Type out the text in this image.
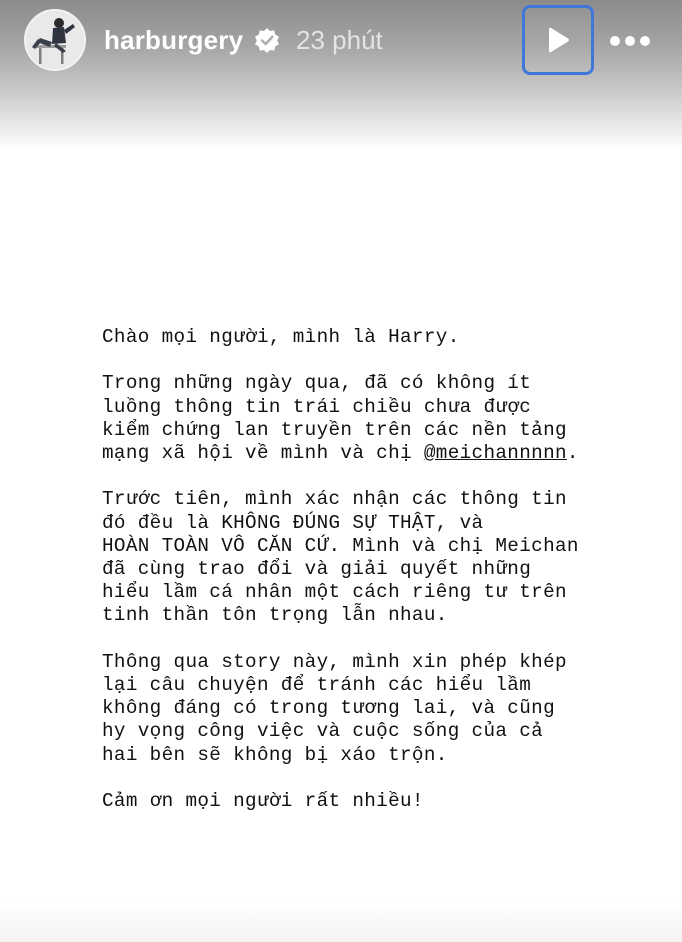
harburgery 23 phút

Chào mọi người, mình là Harry.

Trong những ngày qua, đã có không ít
luồng thông tin trái chiều chưa được
kiểm chứng lan truyền trên các nền tảng
mạng xã hội về mình và chị @meichannnnn.

Trước tiên, mình xác nhận các thông tin
đó đều là KHÔNG ĐÚNG SỰ THẬT, và
HOÀN TOÀN VÔ CĂN CỨ. Mình và chị Meichan
đã cùng trao đổi và giải quyết những
hiểu lầm cá nhân một cách riêng tư trên
tinh thần tôn trọng lẫn nhau.

Thông qua story này, mình xin phép khép
lại câu chuyện để tránh các hiểu lầm
không đáng có trong tương lai, và cũng
hy vọng công việc và cuộc sống của cả
hai bên sẽ không bị xáo trộn.

Cảm ơn mọi người rất nhiều!
